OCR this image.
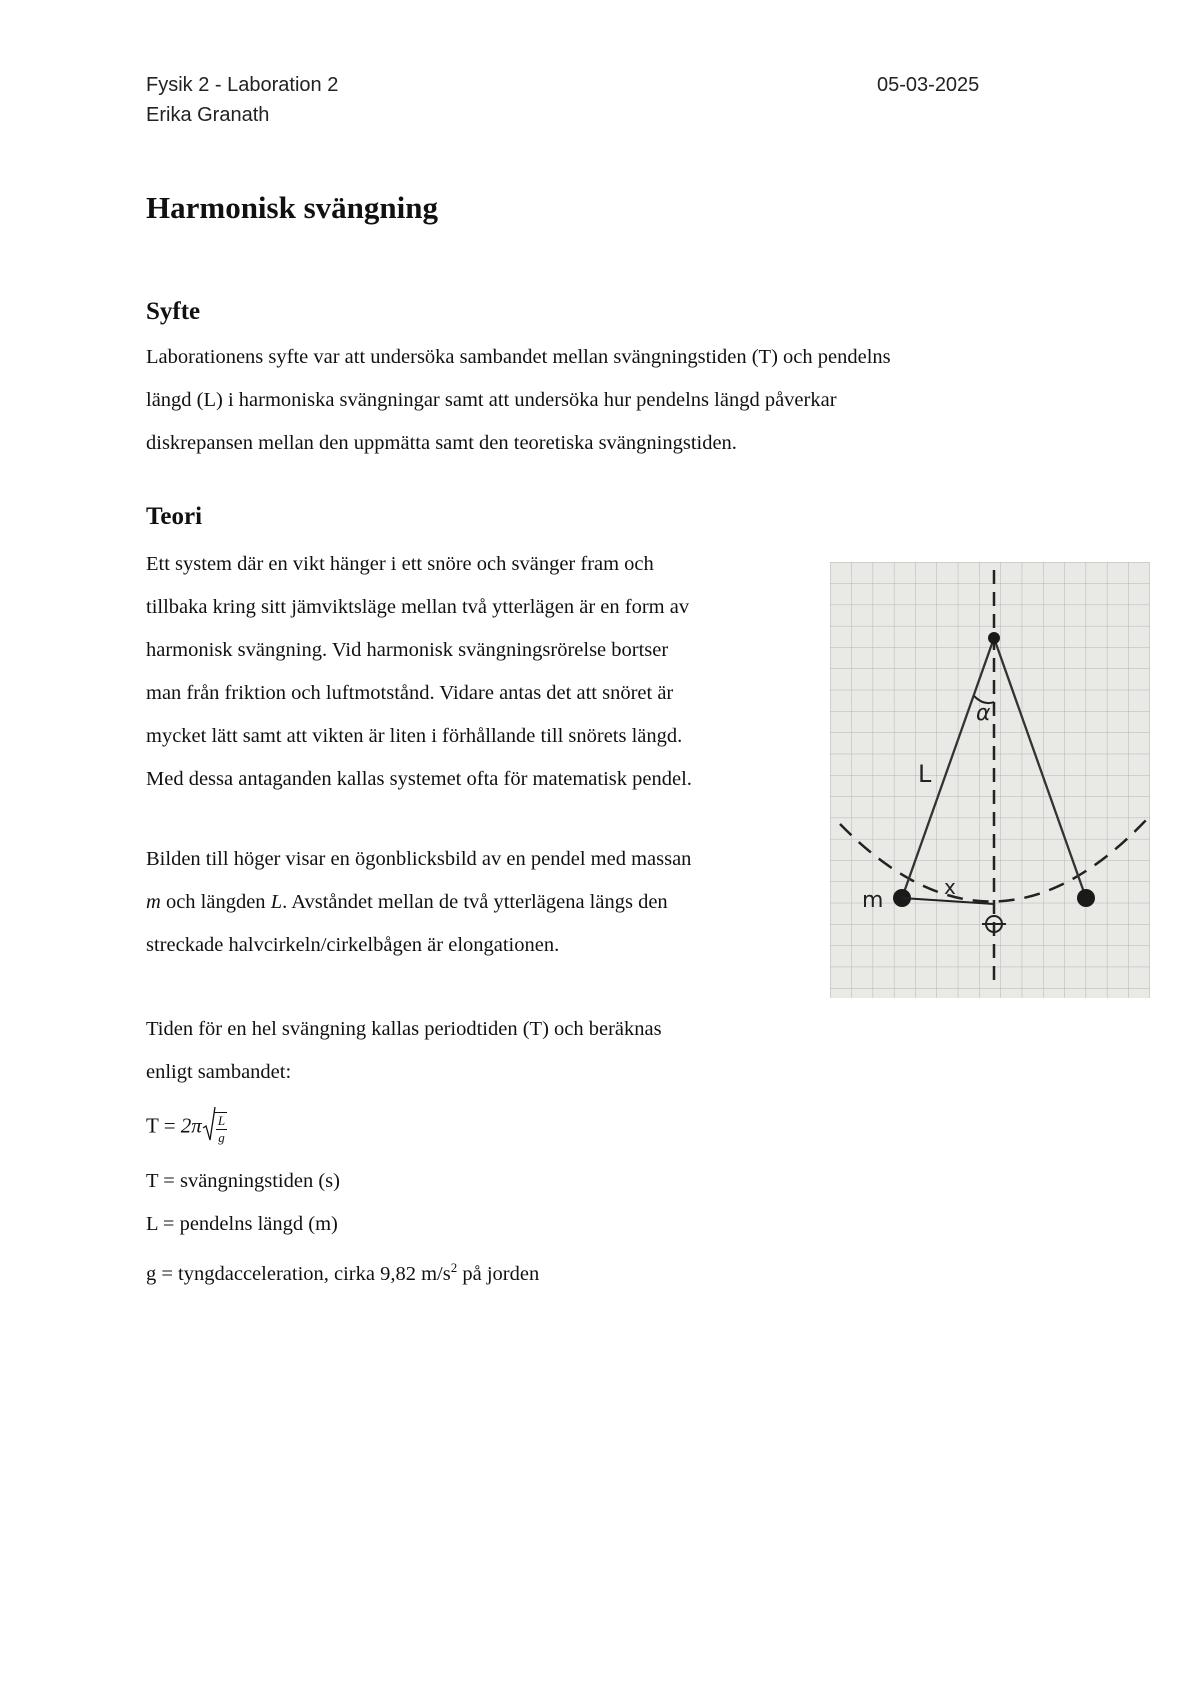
Fysik 2 - Laboration 2	05-03-2025
Erika Granath
Harmonisk svängning
Syfte
Laborationens syfte var att undersöka sambandet mellan svängningstiden (T) och pendelns
längd (L) i harmoniska svängningar samt att undersöka hur pendelns längd påverkar
diskrepansen mellan den uppmätta samt den teoretiska svängningstiden.
Teori
Ett system där en vikt hänger i ett snöre och svänger fram och
tillbaka kring sitt jämviktsläge mellan två ytterlägen är en form av
harmonisk svängning. Vid harmonisk svängningsrörelse bortser
man från friktion och luftmotstånd. Vidare antas det att snöret är
mycket lätt samt att vikten är liten i förhållande till snörets längd.
Med dessa antaganden kallas systemet ofta för matematisk pendel.
Bilden till höger visar en ögonblicksbild av en pendel med massan
m och längden L. Avståndet mellan de två ytterlägena längs den
streckade halvcirkeln/cirkelbågen är elongationen.
Tiden för en hel svängning kallas periodtiden (T) och beräknas
enligt sambandet:
$T = 2\pi \frac{L}{g}$
T = svängningstiden (s)
L = pendelns längd (m)
g = tyngdacceleration, cirka 9,82 $m/s^2$ på jorden
α
L
x
m
